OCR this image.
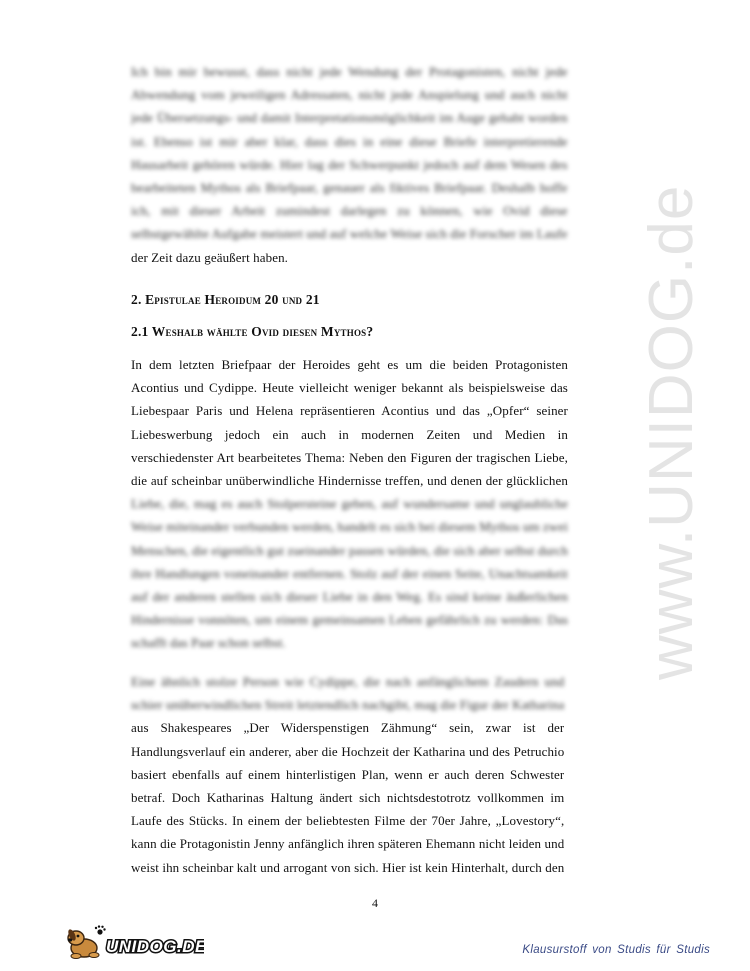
www.UNIDOG.de

Ich bin mir bewusst, dass nicht jede Wendung der Protagonisten, nicht jede
Abwendung vom jeweiligen Adressaten, nicht jede Anspielung und auch nicht
jede Übersetzungs- und damit Interpretationsmöglichkeit im Auge gehabt worden
ist. Ebenso ist mir aber klar, dass dies in eine diese Briefe interpretierende
Hausarbeit gehören würde. Hier lag der Schwerpunkt jedoch auf dem Wesen des
bearbeiteten Mythos als Briefpaar, genauer als fiktives Briefpaar. Deshalb hoffe
ich, mit dieser Arbeit zumindest darlegen zu können, wie Ovid diese
selbstgewählte Aufgabe meistert und auf welche Weise sich die Forscher im Laufe
der Zeit dazu geäußert haben.

2. Epistulae Heroidum 20 und 21
2.1 Weshalb wählte Ovid diesen Mythos?

In dem letzten Briefpaar der Heroides geht es um die beiden Protagonisten
Acontius und Cydippe. Heute vielleicht weniger bekannt als beispielsweise das
Liebespaar Paris und Helena repräsentieren Acontius und das „Opfer“ seiner
Liebeswerbung jedoch ein auch in modernen Zeiten und Medien in
verschiedenster Art bearbeitetes Thema: Neben den Figuren der tragischen Liebe,
die auf scheinbar unüberwindliche Hindernisse treffen, und denen der glücklichen
Liebe, die, mag es auch Stolpersteine geben, auf wundersame und unglaubliche
Weise miteinander verbunden werden, handelt es sich bei diesem Mythos um zwei
Menschen, die eigentlich gut zueinander passen würden, die sich aber selbst durch
ihre Handlungen voneinander entfernen. Stolz auf der einen Seite, Unachtsamkeit
auf der anderen stellen sich dieser Liebe in den Weg. Es sind keine äußerlichen
Hindernisse vonnöten, um einem gemeinsamen Leben gefährlich zu werden: Das
schafft das Paar schon selbst.

Eine ähnlich stolze Person wie Cydippe, die nach anfänglichem Zaudern und
schier unüberwindlichen Streit letztendlich nachgibt, mag die Figur der Katharina
aus Shakespeares „Der Widerspenstigen Zähmung“ sein, zwar ist der
Handlungsverlauf ein anderer, aber die Hochzeit der Katharina und des Petruchio
basiert ebenfalls auf einem hinterlistigen Plan, wenn er auch deren Schwester
betraf. Doch Katharinas Haltung ändert sich nichtsdestotrotz vollkommen im
Laufe des Stücks. In einem der beliebtesten Filme der 70er Jahre, „Lovestory“,
kann die Protagonistin Jenny anfänglich ihren späteren Ehemann nicht leiden und
weist ihn scheinbar kalt und arrogant von sich. Hier ist kein Hinterhalt, durch den

4
UNIDOG.DE	Klausurstoff von Studis für Studis
